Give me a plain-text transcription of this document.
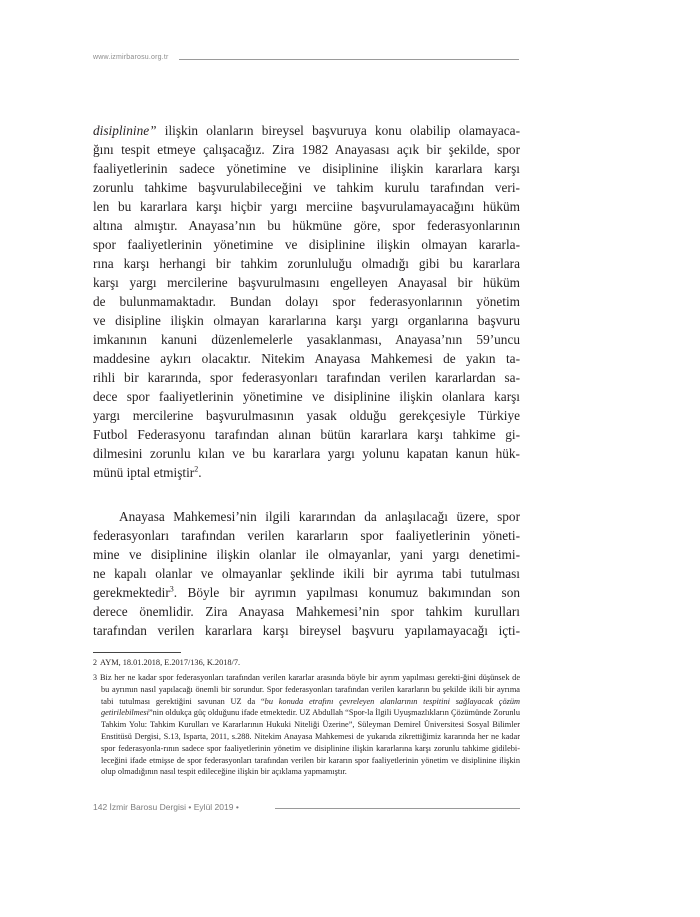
www.izmirbarosu.org.tr
disiplinine” ilişkin olanların bireysel başvuruya konu olabilip olamayaca-
ğını tespit etmeye çalışacağız. Zira 1982 Anayasası açık bir şekilde, spor
faaliyetlerinin sadece yönetimine ve disiplinine ilişkin kararlara karşı
zorunlu tahkime başvurulabileceğini ve tahkim kurulu tarafından veri-
len bu kararlara karşı hiçbir yargı merciine başvurulamayacağını hüküm
altına almıştır. Anayasa’nın bu hükmüne göre, spor federasyonlarının
spor faaliyetlerinin yönetimine ve disiplinine ilişkin olmayan kararla-
rına karşı herhangi bir tahkim zorunluluğu olmadığı gibi bu kararlara
karşı yargı mercilerine başvurulmasını engelleyen Anayasal bir hüküm
de bulunmamaktadır. Bundan dolayı spor federasyonlarının yönetim
ve disipline ilişkin olmayan kararlarına karşı yargı organlarına başvuru
imkanının kanuni düzenlemelerle yasaklanması, Anayasa’nın 59’uncu
maddesine aykırı olacaktır. Nitekim Anayasa Mahkemesi de yakın ta-
rihli bir kararında, spor federasyonları tarafından verilen kararlardan sa-
dece spor faaliyetlerinin yönetimine ve disiplinine ilişkin olanlara karşı
yargı mercilerine başvurulmasının yasak olduğu gerekçesiyle Türkiye
Futbol Federasyonu tarafından alınan bütün kararlara karşı tahkime gi-
dilmesini zorunlu kılan ve bu kararlara yargı yolunu kapatan kanun hük-
münü iptal etmiştir$^2$.
Anayasa Mahkemesi’nin ilgili kararından da anlaşılacağı üzere, spor
federasyonları tarafından verilen kararların spor faaliyetlerinin yöneti-
mine ve disiplinine ilişkin olanlar ile olmayanlar, yani yargı denetimi-
ne kapalı olanlar ve olmayanlar şeklinde ikili bir ayrıma tabi tutulması
gerekmektedir$^3$. Böyle bir ayrımın yapılması konumuz bakımından son
derece önemlidir. Zira Anayasa Mahkemesi’nin spor tahkim kurulları
tarafından verilen kararlara karşı bireysel başvuru yapılamayacağı içti-
2 AYM, 18.01.2018, E.2017/136, K.2018/7.
3 Biz her ne kadar spor federasyonları tarafından verilen kararlar arasında böyle bir ayrım yapılması gerekti-ğini düşünsek de bu ayrımın nasıl yapılacağı önemli bir sorundur. Spor federasyonları tarafından verilen kararların bu şekilde ikili bir ayrıma tabi tutulması gerektiğini savunan UZ da “bu konuda etrafını çevreleyen alanlarının tespitini sağlayacak çözüm getirilebilmesi”nin oldukça güç olduğunu ifade etmektedir. UZ Abdullah “Spor-la İlgili Uyuşmazlıkların Çözümünde Zorunlu Tahkim Yolu: Tahkim Kurulları ve Kararlarının Hukuki Niteliği Üzerine”, Süleyman Demirel Üniversitesi Sosyal Bilimler Enstitüsü Dergisi, S.13, Isparta, 2011, s.288. Nitekim Anayasa Mahkemesi de yukarıda zikrettiğimiz kararında her ne kadar spor federasyonla-rının sadece spor faaliyetlerinin yönetim ve disiplinine ilişkin kararlarına karşı zorunlu tahkime gidilebi-leceğini ifade etmişse de spor federasyonları tarafından verilen bir kararın spor faaliyetlerinin yönetim ve disiplinine ilişkin olup olmadığının nasıl tespit edileceğine ilişkin bir açıklama yapmamıştır.
142 İzmir Barosu Dergisi • Eylül 2019 •
